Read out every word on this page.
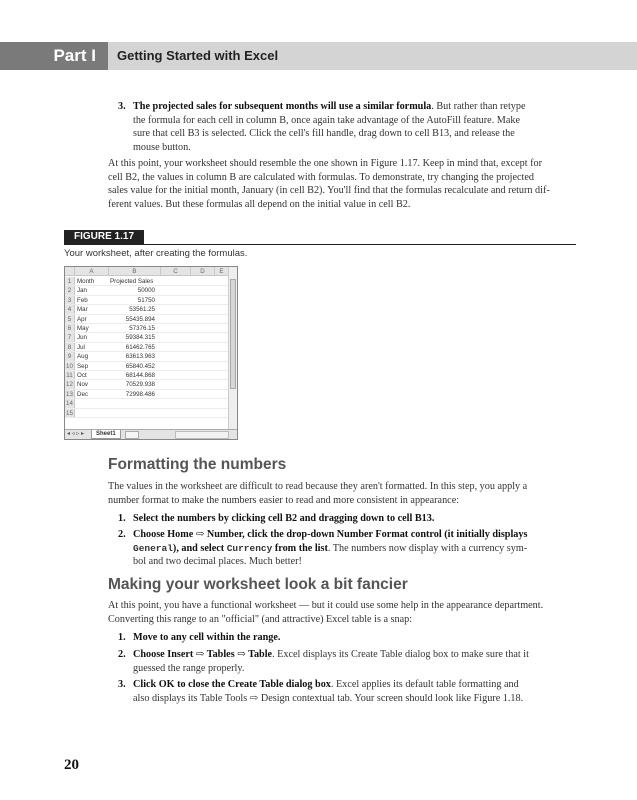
Part I	Getting Started with Excel
3. The projected sales for subsequent months will use a similar formula. But rather than retype
the formula for each cell in column B, once again take advantage of the AutoFill feature. Make
sure that cell B3 is selected. Click the cell's fill handle, drag down to cell B13, and release the
mouse button.
At this point, your worksheet should resemble the one shown in Figure 1.17. Keep in mind that, except for
cell B2, the values in column B are calculated with formulas. To demonstrate, try changing the projected
sales value for the initial month, January (in cell B2). You'll find that the formulas recalculate and return dif-
ferent values. But these formulas all depend on the initial value in cell B2.
FIGURE 1.17
Your worksheet, after creating the formulas.
A	B	C	D	E
1 Month	Projected Sales
2 Jan	50000
3 Feb	51750
4 Mar	53561.25
5 Apr	55435.894
6 May	57376.15
7 Jun	59384.315
8 Jul	61462.765
9 Aug	63613.963
10 Sep	65840.452
11 Oct	68144.868
12 Nov	70529.938
13 Dec	72998.486
14
15
◂ ◃ ▹ ▸	Sheet1
Formatting the numbers
The values in the worksheet are difficult to read because they aren't formatted. In this step, you apply a
number format to make the numbers easier to read and more consistent in appearance:
1. Select the numbers by clicking cell B2 and dragging down to cell B13.
2. Choose Home ⇨ Number, click the drop-down Number Format control (it initially displays
General), and select Currency from the list. The numbers now display with a currency sym-
bol and two decimal places. Much better!
Making your worksheet look a bit fancier
At this point, you have a functional worksheet — but it could use some help in the appearance department.
Converting this range to an "official" (and attractive) Excel table is a snap:
1. Move to any cell within the range.
2. Choose Insert ⇨ Tables ⇨ Table. Excel displays its Create Table dialog box to make sure that it
guessed the range properly.
3. Click OK to close the Create Table dialog box. Excel applies its default table formatting and
also displays its Table Tools ⇨ Design contextual tab. Your screen should look like Figure 1.18.
20
